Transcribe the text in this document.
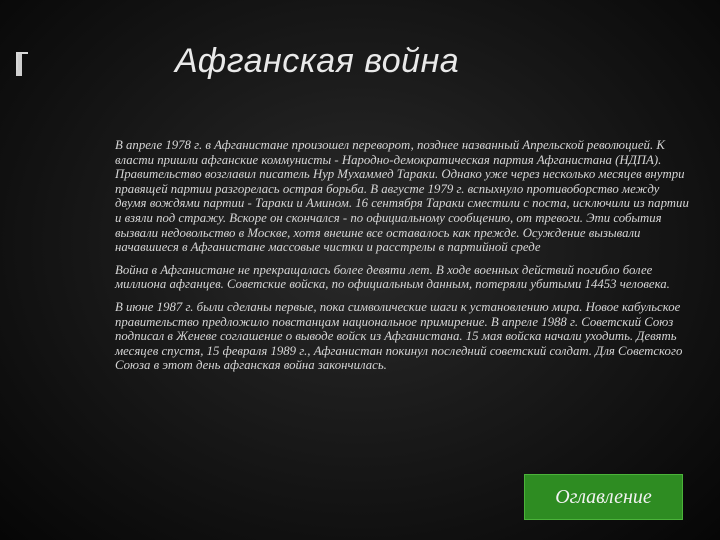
Афганская война

В апреле 1978 г. в Афганистане произошел переворот, позднее названный Апрельской революцией. К власти пришли афганские коммунисты - Народно-демократическая партия Афганистана (НДПА). Правительство возглавил писатель Нур Мухаммед Тараки. Однако уже через несколько месяцев внутри правящей партии разгорелась острая борьба. В августе 1979 г. вспыхнуло противоборство между двумя вождями партии - Тараки и Амином. 16 сентября Тараки сместили с поста, исключили из партии и взяли под стражу. Вскоре он скончался - по официальному сообщению, от тревоги. Эти события вызвали недовольство в Москве, хотя внешне все оставалось как прежде. Осуждение вызывали начавшиеся в Афганистане массовые чистки и расстрелы в партийной среде

Война в Афганистане не прекращалась более девяти лет. В ходе военных действий погибло более миллиона афганцев. Советские войска, по официальным данным, потеряли убитыми 14453 человека.

В июне 1987 г. были сделаны первые, пока символические шаги к установлению мира. Новое кабульское правительство предложило повстанцам национальное примирение. В апреле 1988 г. Советский Союз подписал в Женеве соглашение о выводе войск из Афганистана. 15 мая войска начали уходить. Девять месяцев спустя, 15 февраля 1989 г., Афганистан покинул последний советский солдат. Для Советского Союза в этот день афганская война закончилась.

Оглавление
